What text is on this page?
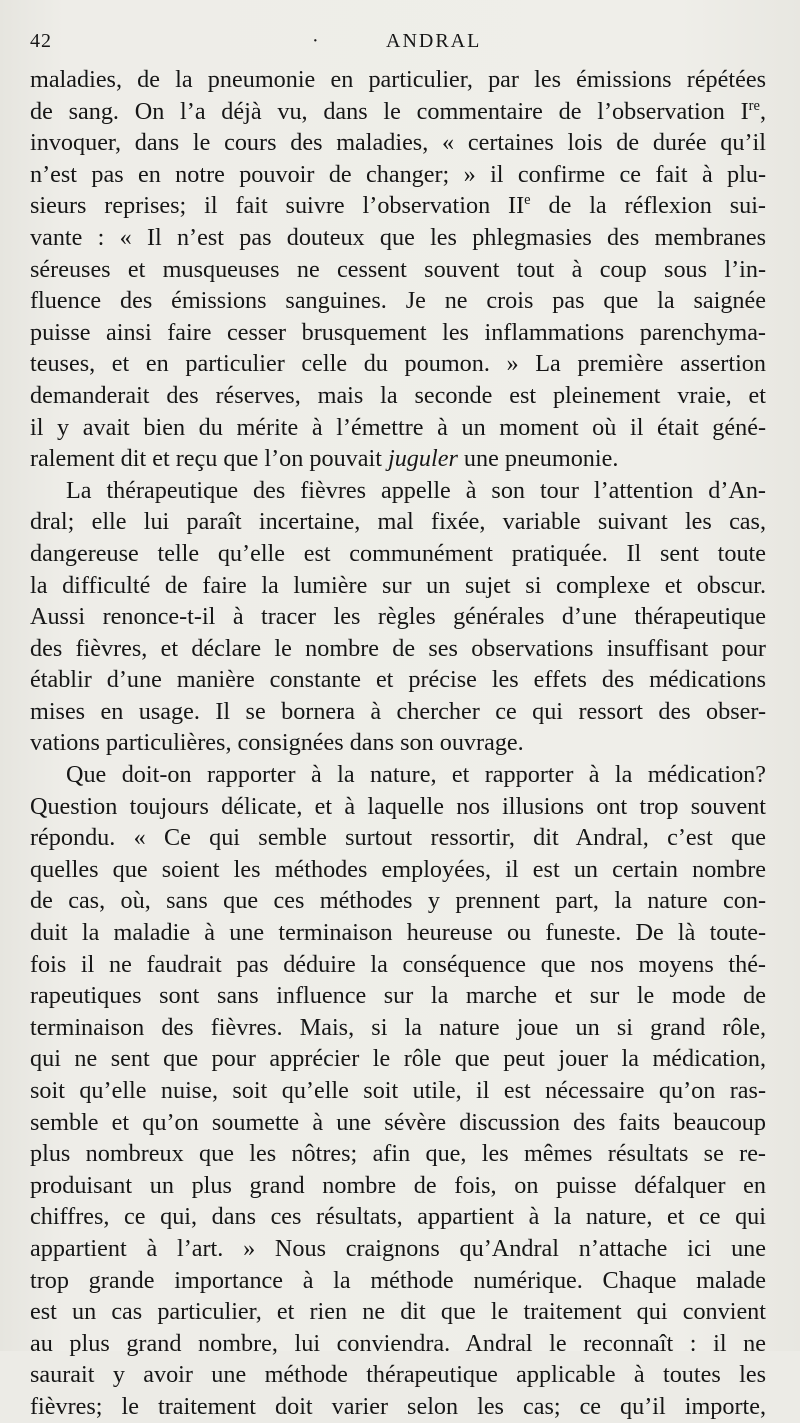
42	·	ANDRAL
maladies, de la pneumonie en particulier, par les émissions répétées
de sang. On l’a déjà vu, dans le commentaire de l’observation Ire,
invoquer, dans le cours des maladies, « certaines lois de durée qu’il
n’est pas en notre pouvoir de changer; » il confirme ce fait à plu-
sieurs reprises; il fait suivre l’observation IIe de la réflexion sui-
vante : « Il n’est pas douteux que les phlegmasies des membranes
séreuses et musqueuses ne cessent souvent tout à coup sous l’in-
fluence des émissions sanguines. Je ne crois pas que la saignée
puisse ainsi faire cesser brusquement les inflammations parenchyma-
teuses, et en particulier celle du poumon. » La première assertion
demanderait des réserves, mais la seconde est pleinement vraie, et
il y avait bien du mérite à l’émettre à un moment où il était géné-
ralement dit et reçu que l’on pouvait juguler une pneumonie.
La thérapeutique des fièvres appelle à son tour l’attention d’An-
dral; elle lui paraît incertaine, mal fixée, variable suivant les cas,
dangereuse telle qu’elle est communément pratiquée. Il sent toute
la difficulté de faire la lumière sur un sujet si complexe et obscur.
Aussi renonce-t-il à tracer les règles générales d’une thérapeutique
des fièvres, et déclare le nombre de ses observations insuffisant pour
établir d’une manière constante et précise les effets des médications
mises en usage. Il se bornera à chercher ce qui ressort des obser-
vations particulières, consignées dans son ouvrage.
Que doit-on rapporter à la nature, et rapporter à la médication?
Question toujours délicate, et à laquelle nos illusions ont trop souvent
répondu. « Ce qui semble surtout ressortir, dit Andral, c’est que
quelles que soient les méthodes employées, il est un certain nombre
de cas, où, sans que ces méthodes y prennent part, la nature con-
duit la maladie à une terminaison heureuse ou funeste. De là toute-
fois il ne faudrait pas déduire la conséquence que nos moyens thé-
rapeutiques sont sans influence sur la marche et sur le mode de
terminaison des fièvres. Mais, si la nature joue un si grand rôle,
qui ne sent que pour apprécier le rôle que peut jouer la médication,
soit qu’elle nuise, soit qu’elle soit utile, il est nécessaire qu’on ras-
semble et qu’on soumette à une sévère discussion des faits beaucoup
plus nombreux que les nôtres; afin que, les mêmes résultats se re-
produisant un plus grand nombre de fois, on puisse défalquer en
chiffres, ce qui, dans ces résultats, appartient à la nature, et ce qui
appartient à l’art. » Nous craignons qu’Andral n’attache ici une
trop grande importance à la méthode numérique. Chaque malade
est un cas particulier, et rien ne dit que le traitement qui convient
au plus grand nombre, lui conviendra. Andral le reconnaît : il ne
saurait y avoir une méthode thérapeutique applicable à toutes les
fièvres; le traitement doit varier selon les cas; ce qu’il importe,
